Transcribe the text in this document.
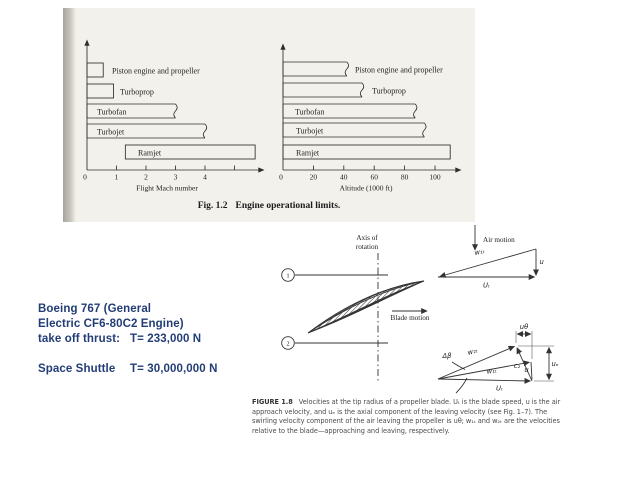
0	1	2	3	4
Flight Mach number
Piston engine and propeller
Turboprop
Turbofan
Turbojet
Ramjet
0	20	40	60	80	100
Altitude (1000 ft)
Piston engine and propeller
Turboprop
Turbofan
Turbojet
Ramjet
Fig. 1.2 Engine operational limits.
Boeing 767 (General
Electric CF6-80C2 Engine)
take off thrust: T= 233,000 N
Space Shuttle	T= 30,000,000 N
Air motion
Axis of
rotation
1
2
Blade motion
w₁ₜ
u
Uₜ
Δβ w₂ₜ
w₁ₜ
c₂ u
uₑ
uθ
Uₜ
FIGURE 1.8 Velocities at the tip radius of a propeller blade. Uₜ is the blade speed, u is the air
approach velocity, and uₑ is the axial component of the leaving velocity (see Fig. 1–7). The
swirling velocity component of the air leaving the propeller is uθ; w₁ₜ and w₂ₜ are the velocities
relative to the blade—approaching and leaving, respectively.
